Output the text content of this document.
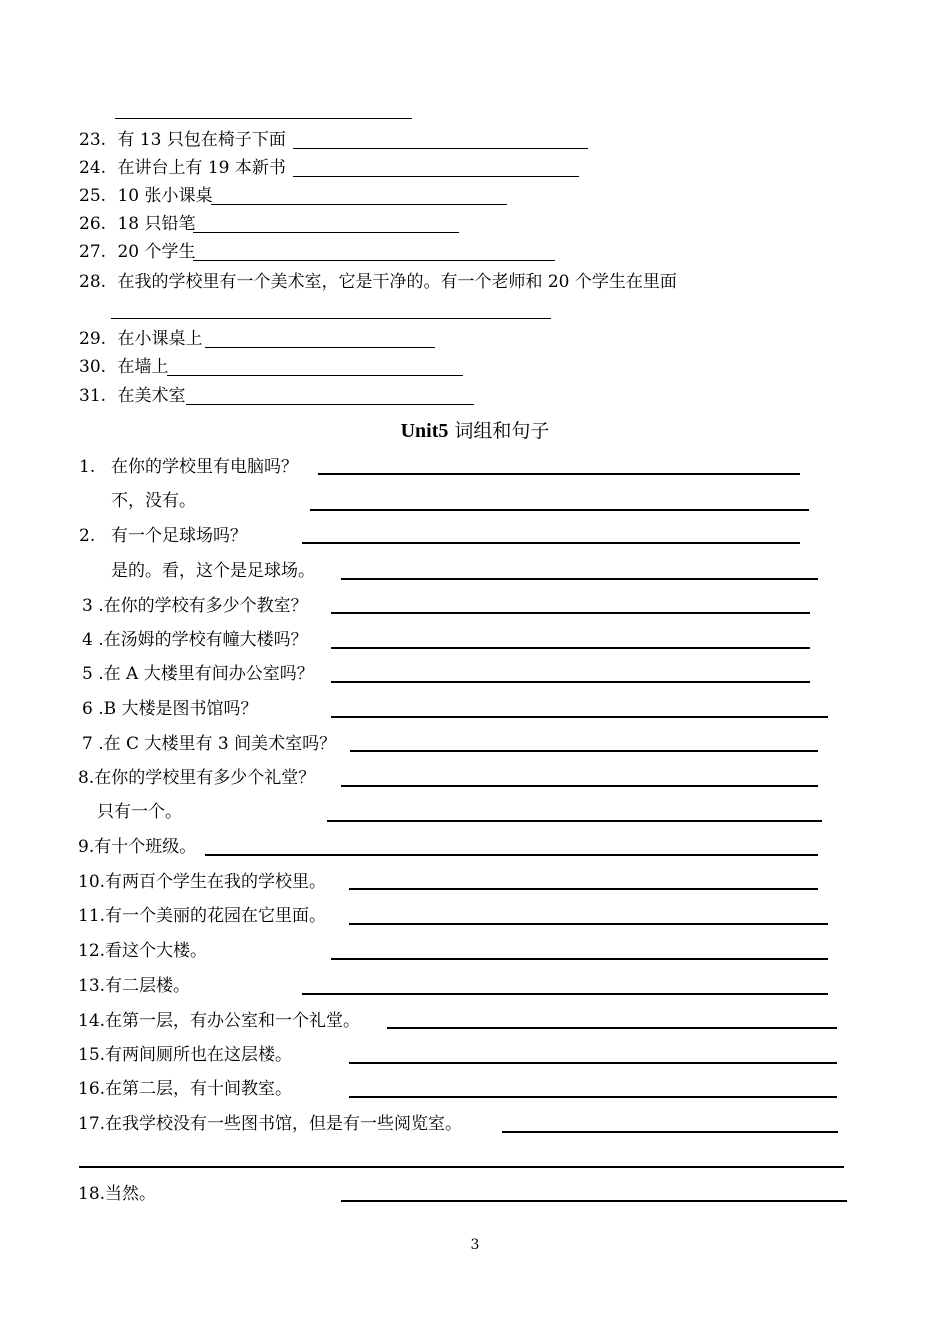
23. 有 13 只包在椅子下面
24. 在讲台上有 19 本新书
25. 10 张小课桌
26. 18 只铅笔
27. 20 个学生
28. 在我的学校里有一个美术室，它是干净的。有一个老师和 20 个学生在里面
29. 在小课桌上
30. 在墙上
31. 在美术室
Unit5 词组和句子
1. 在你的学校里有电脑吗？
不，没有。
2. 有一个足球场吗？
是的。看，这个是足球场。
3 .在你的学校有多少个教室？
4 .在汤姆的学校有幢大楼吗？
5 .在 A 大楼里有间办公室吗？
6 .B 大楼是图书馆吗？
7 .在 C 大楼里有 3 间美术室吗？
8.在你的学校里有多少个礼堂？
只有一个。
9.有十个班级。
10.有两百个学生在我的学校里。
11.有一个美丽的花园在它里面。
12.看这个大楼。
13.有二层楼。
14.在第一层，有办公室和一个礼堂。
15.有两间厕所也在这层楼。
16.在第二层，有十间教室。
17.在我学校没有一些图书馆，但是有一些阅览室。
18.当然。
3
